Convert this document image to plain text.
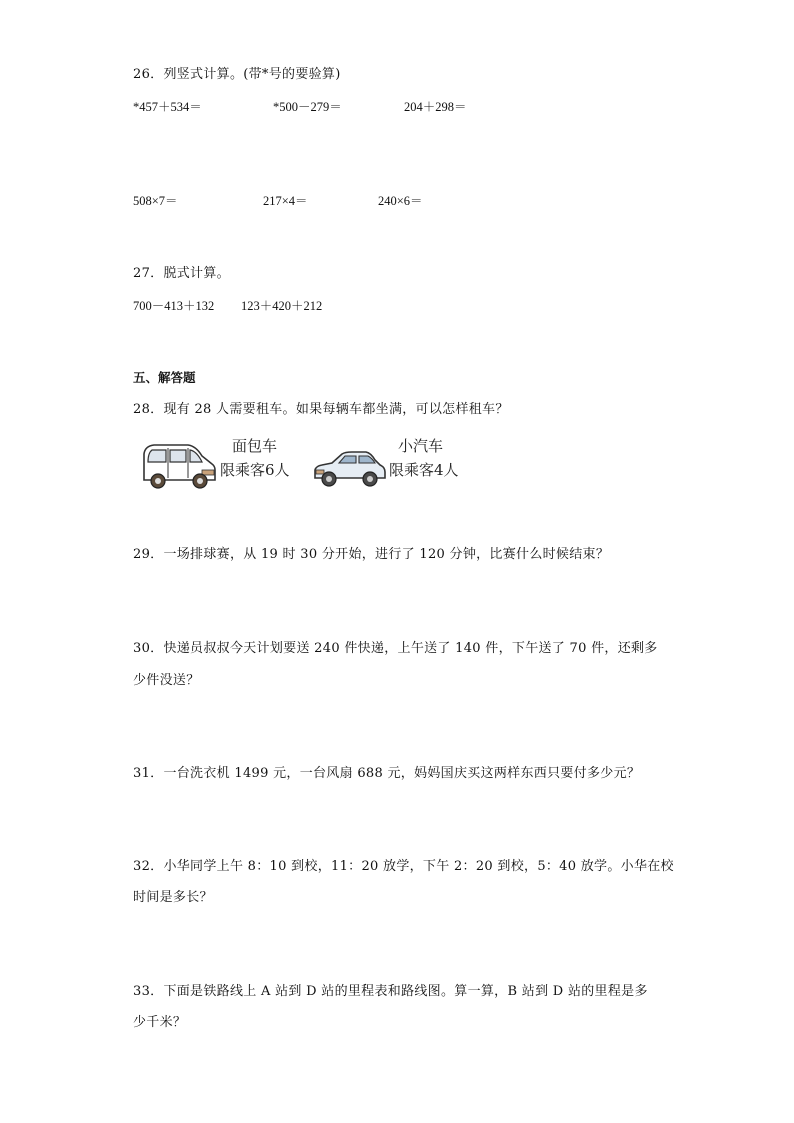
26．列竖式计算。(带*号的要验算)
*457＋534＝	*500－279＝	204＋298＝
508×7＝	217×4＝	240×6＝
27．脱式计算。
700－413＋132 123＋420＋212
五、解答题
28．现有 28 人需要租车。如果每辆车都坐满，可以怎样租车？
面包车
限乘客6人
小汽车
限乘客4人
29．一场排球赛，从 19 时 30 分开始，进行了 120 分钟，比赛什么时候结束？
30．快递员叔叔今天计划要送 240 件快递，上午送了 140 件，下午送了 70 件，还剩多
少件没送？
31．一台洗衣机 1499 元，一台风扇 688 元，妈妈国庆买这两样东西只要付多少元？
32．小华同学上午 8：10 到校，11：20 放学，下午 2：20 到校，5：40 放学。小华在校
时间是多长？
33．下面是铁路线上 A 站到 D 站的里程表和路线图。算一算，B 站到 D 站的里程是多
少千米？
